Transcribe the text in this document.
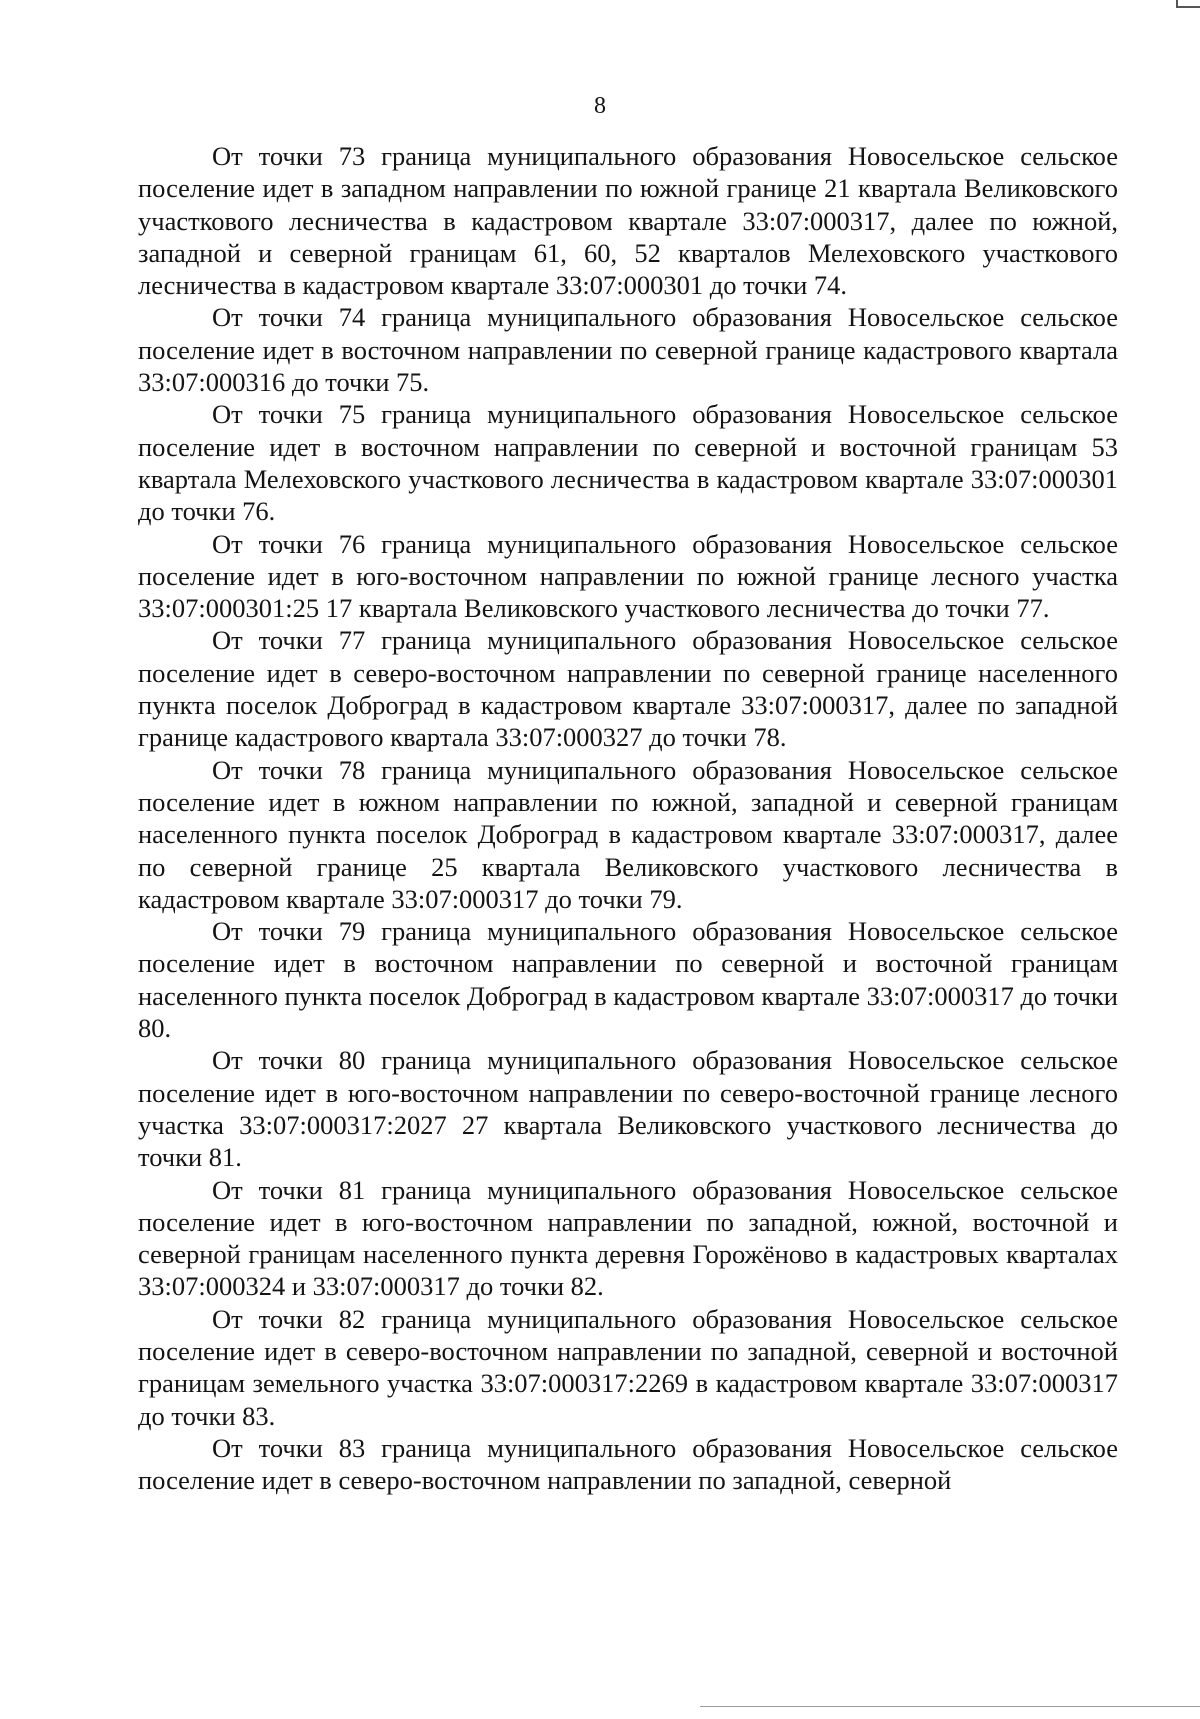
8

От точки 73 граница муниципального образования Новосельское сельское поселение идет в западном направлении по южной границе 21 квартала Великовского участкового лесничества в кадастровом квартале 33:07:000317, далее по южной, западной и северной границам 61, 60, 52 кварталов Мелеховского участкового лесничества в кадастровом квартале 33:07:000301 до точки 74.

От точки 74 граница муниципального образования Новосельское сельское поселение идет в восточном направлении по северной границе кадастрового квартала 33:07:000316 до точки 75.

От точки 75 граница муниципального образования Новосельское сельское поселение идет в восточном направлении по северной и восточной границам 53 квартала Мелеховского участкового лесничества в кадастровом квартале 33:07:000301 до точки 76.

От точки 76 граница муниципального образования Новосельское сельское поселение идет в юго-восточном направлении по южной границе лесного участка 33:07:000301:25 17 квартала Великовского участкового лесничества до точки 77.

От точки 77 граница муниципального образования Новосельское сельское поселение идет в северо-восточном направлении по северной границе населенного пункта поселок Доброград в кадастровом квартале 33:07:000317, далее по западной границе кадастрового квартала 33:07:000327 до точки 78.

От точки 78 граница муниципального образования Новосельское сельское поселение идет в южном направлении по южной, западной и северной границам населенного пункта поселок Доброград в кадастровом квартале 33:07:000317, далее по северной границе 25 квартала Великовского участкового лесничества в кадастровом квартале 33:07:000317 до точки 79.

От точки 79 граница муниципального образования Новосельское сельское поселение идет в восточном направлении по северной и восточной границам населенного пункта поселок Доброград в кадастровом квартале 33:07:000317 до точки 80.

От точки 80 граница муниципального образования Новосельское сельское поселение идет в юго-восточном направлении по северо-восточной границе лесного участка 33:07:000317:2027 27 квартала Великовского участкового лесничества до точки 81.

От точки 81 граница муниципального образования Новосельское сельское поселение идет в юго-восточном направлении по западной, южной, восточной и северной границам населенного пункта деревня Горожёново в кадастровых кварталах 33:07:000324 и 33:07:000317 до точки 82.

От точки 82 граница муниципального образования Новосельское сельское поселение идет в северо-восточном направлении по западной, северной и восточной границам земельного участка 33:07:000317:2269 в кадастровом квартале 33:07:000317 до точки 83.

От точки 83 граница муниципального образования Новосельское сельское поселение идет в северо-восточном направлении по западной, северной
